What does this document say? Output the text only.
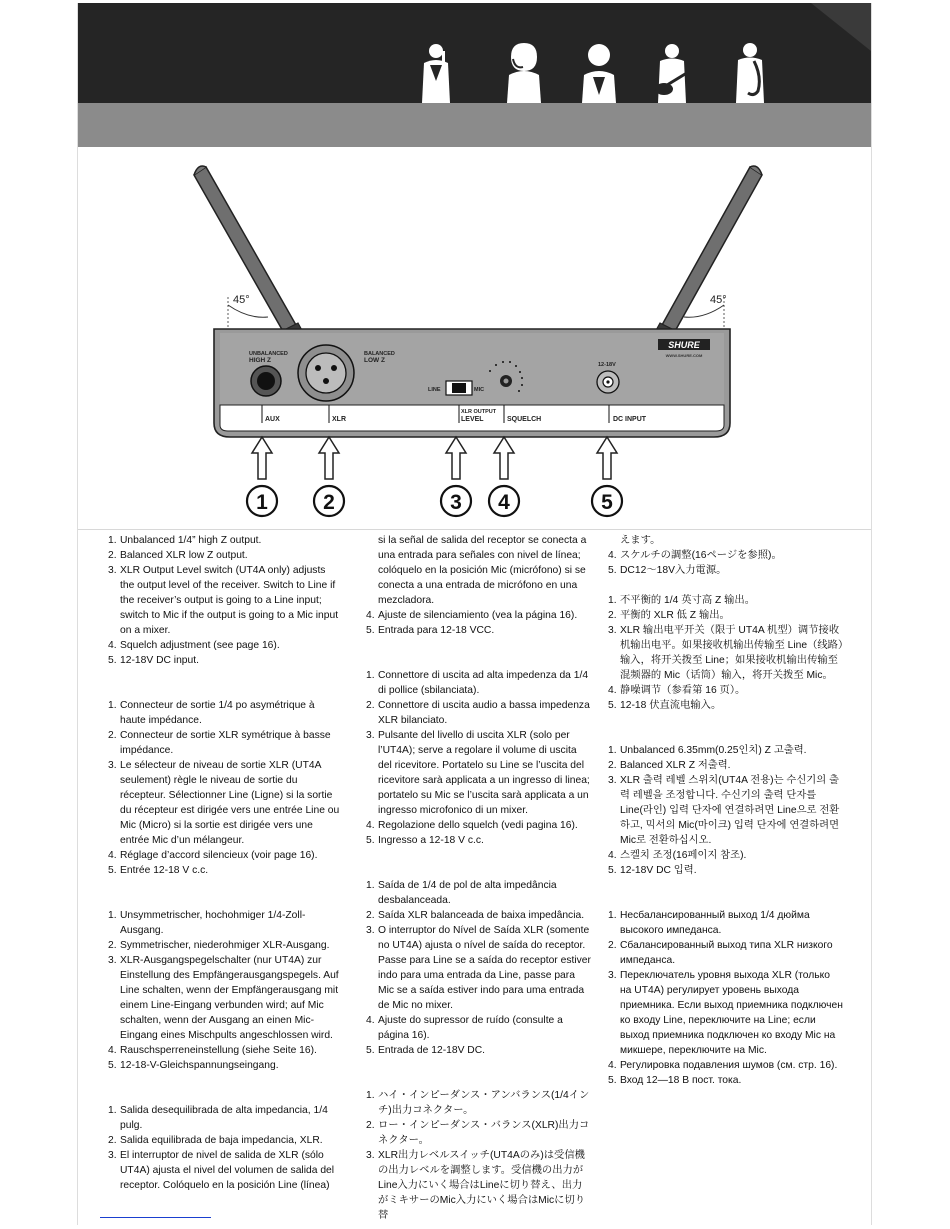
45°	45°
UNBALANCED
HIGH Z
BALANCED
LOW Z
LINE	MIC
12-18V
SHURE
WWW.SHURE.COM
AUX	XLR
XLR OUTPUT
LEVEL	SQUELCH	DC INPUT
1	2	3 4	5
1. Unbalanced 1/4” high Z output.
2. Balanced XLR low Z output.
3. XLR Output Level switch (UT4A only) adjusts the output level of the receiver. Switch to Line if the receiver’s output is going to a Line input; switch to Mic if the output is going to a Mic input on a mixer.
4. Squelch adjustment (see page 16).
5. 12-18V DC input.
1. Connecteur de sortie 1/4 po asymétrique à haute impédance.
2. Connecteur de sortie XLR symétrique à basse impédance.
3. Le sélecteur de niveau de sortie XLR (UT4A seulement) règle le niveau de sortie du récepteur. Sélectionner Line (Ligne) si la sortie du récepteur est dirigée vers une entrée Line ou Mic (Micro) si la sortie est dirigée vers une entrée Mic d’un mélangeur.
4. Réglage d’accord silencieux (voir page 16).
5. Entrée 12-18 V c.c.
1. Unsymmetrischer, hochohmiger 1/4-Zoll-Ausgang.
2. Symmetrischer, niederohmiger XLR-Ausgang.
3. XLR-Ausgangspegelschalter (nur UT4A) zur Einstellung des Empfängerausgangspegels. Auf Line schalten, wenn der Empfängerausgang mit einem Line-Eingang verbunden wird; auf Mic schalten, wenn der Ausgang an einen Mic-Eingang eines Mischpults angeschlossen wird.
4. Rauschsperreneinstellung (siehe Seite 16).
5. 12-18-V-Gleichspannungseingang.
1. Salida desequilibrada de alta impedancia, 1/4 pulg.
2. Salida equilibrada de baja impedancia, XLR.
3. El interruptor de nivel de salida de XLR (sólo UT4A) ajusta el nivel del volumen de salida del receptor. Colóquelo en la posición Line (línea)
si la señal de salida del receptor se conecta a una entrada para señales con nivel de línea; colóquelo en la posición Mic (micrófono) si se conecta a una entrada de micrófono en una mezcladora.
4. Ajuste de silenciamiento (vea la página 16).
5. Entrada para 12-18 VCC.
1. Connettore di uscita ad alta impedenza da 1/4 di pollice (sbilanciata).
2. Connettore di uscita audio a bassa impedenza XLR bilanciato.
3. Pulsante del livello di uscita XLR (solo per l’UT4A); serve a regolare il volume di uscita del ricevitore. Portatelo su Line se l’uscita del ricevitore sarà applicata a un ingresso di linea; portatelo su Mic se l’uscita sarà applicata a un ingresso microfonico di un mixer.
4. Regolazione dello squelch (vedi pagina 16).
5. Ingresso a 12-18 V c.c.
1. Saída de 1/4 de pol de alta impedância desbalanceada.
2. Saída XLR balanceada de baixa impedância.
3. O interruptor do Nível de Saída XLR (somente no UT4A) ajusta o nível de saída do receptor. Passe para Line se a saída do receptor estiver indo para uma entrada da Line, passe para Mic se a saída estiver indo para uma entrada de Mic no mixer.
4. Ajuste do supressor de ruído (consulte a página 16).
5. Entrada de 12-18V DC.
1. ハイ・インピーダンス・アンバランス(1/4インチ)出力コネクター。
2. ロー・インピーダンス・バランス(XLR)出力コネクター。
3. XLR出力レベルスイッチ(UT4Aのみ)は受信機の出力レベルを調整します。受信機の出力がLine入力にいく場合はLineに切り替え、出力がミキサーのMic入力にいく場合はMicに切り替
えます。
4. スケルチの調整(16ページを参照)。
5. DC12〜18V入力電源。
1. 不平衡的 1/4 英寸高 Z 输出。
2. 平衡的 XLR 低 Z 输出。
3. XLR 输出电平开关（限于 UT4A 机型）调节接收机输出电平。如果接收机输出传输至 Line（线路）输入，将开关拨至 Line；如果接收机输出传输至混频器的 Mic（话筒）输入，将开关拨至 Mic。
4. 静噪调节（参看第 16 页）。
5. 12-18 伏直流电输入。
1. Unbalanced 6.35mm(0.25인치) Z 고출력.
2. Balanced XLR Z 저출력.
3. XLR 출력 레벨 스위치(UT4A 전용)는 수신기의 출력 레벨을 조정합니다. 수신기의 출력 단자를 Line(라인) 입력 단자에 연결하려면 Line으로 전환하고, 믹서의 Mic(마이크) 입력 단자에 연결하려면 Mic로 전환하십시오.
4. 스켈치 조정(16페이지 참조).
5. 12-18V DC 입력.
1. Несбалансированный выход 1/4 дюйма высокого импеданса.
2. Сбалансированный выход типа XLR низкого импеданса.
3. Переключатель уровня выхода XLR (только на UT4A) регулирует уровень выхода приемника. Если выход приемника подключен ко входу Line, переключите на Line; если выход приемника подключен ко входу Mic на микшере, переключите на Mic.
4. Регулировка подавления шумов (см. стр. 16).
5. Вход 12—18 В пост. тока.
